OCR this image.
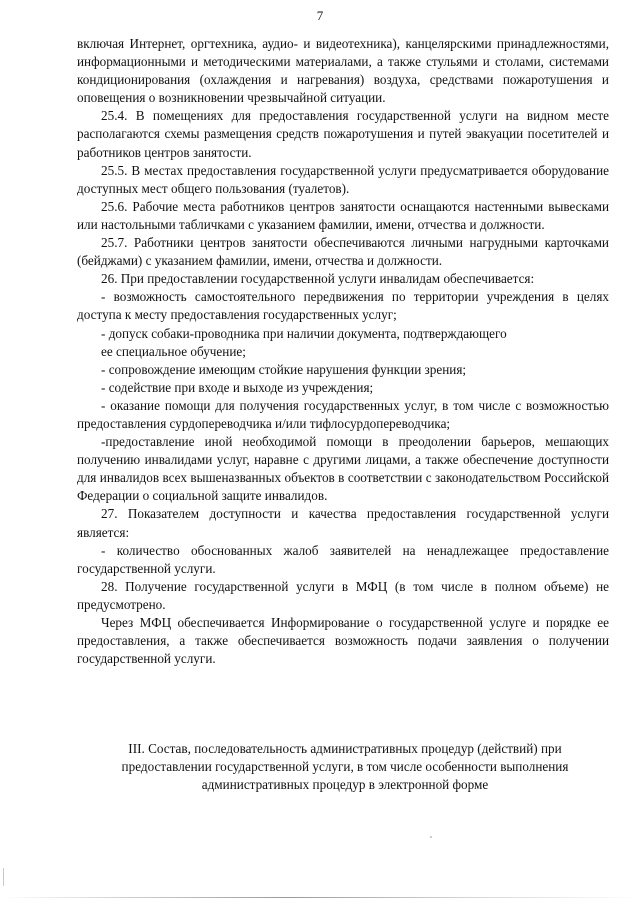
7

включая Интернет, оргтехника, аудио- и видеотехника), канцелярскими принадлежностями, информационными и методическими материалами, а также стульями и столами, системами кондиционирования (охлаждения и нагревания) воздуха, средствами пожаротушения и оповещения о возникновении чрезвычайной ситуации.

25.4. В помещениях для предоставления государственной услуги на видном месте располагаются схемы размещения средств пожаротушения и путей эвакуации посетителей и работников центров занятости.

25.5. В местах предоставления государственной услуги предусматривается оборудование доступных мест общего пользования (туалетов).

25.6. Рабочие места работников центров занятости оснащаются настенными вывесками или настольными табличками с указанием фамилии, имени, отчества и должности.

25.7. Работники центров занятости обеспечиваются личными нагрудными карточками (бейджами) с указанием фамилии, имени, отчества и должности.

26. При предоставлении государственной услуги инвалидам обеспечивается:

- возможность самостоятельного передвижения по территории учреждения в целях доступа к месту предоставления государственных услуг;

- допуск собаки-проводника при наличии документа, подтверждающего

ее специальное обучение;

- сопровождение имеющим стойкие нарушения функции зрения;

- содействие при входе и выходе из учреждения;

- оказание помощи для получения государственных услуг, в том числе с возможностью предоставления сурдопереводчика и/или тифлосурдопереводчика;

-предоставление иной необходимой помощи в преодолении барьеров, мешающих получению инвалидами услуг, наравне с другими лицами, а также обеспечение доступности для инвалидов всех вышеназванных объектов в соответствии с законодательством Российской Федерации о социальной защите инвалидов.

27. Показателем доступности и качества предоставления государственной услуги является:

- количество обоснованных жалоб заявителей на ненадлежащее предоставление государственной услуги.

28. Получение государственной услуги в МФЦ (в том числе в полном объеме) не предусмотрено.

Через МФЦ обеспечивается Информирование о государственной услуге и порядке ее предоставления, а также обеспечивается возможность подачи заявления о получении государственной услуги.

III. Состав, последовательность административных процедур (действий) при
предоставлении государственной услуги, в том числе особенности выполнения
административных процедур в электронной форме
